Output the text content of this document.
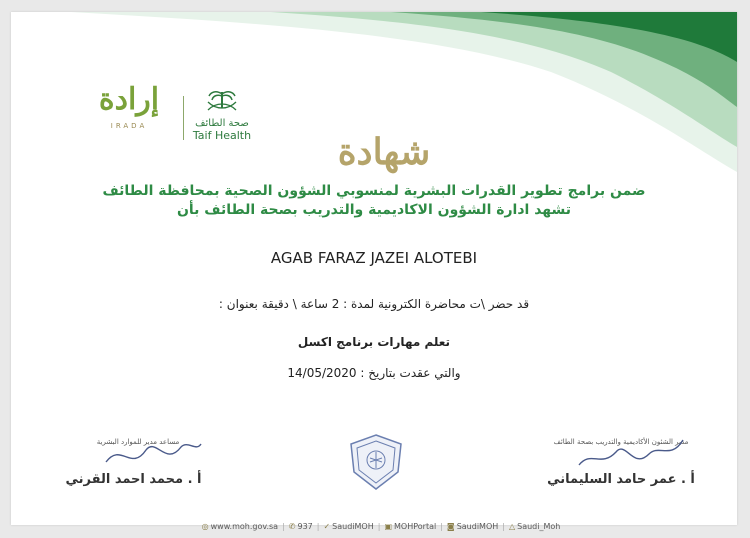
إرادة
IRADA	صحة الطائف
Taif Health شهادة
ضمن برامج تطوير القدرات البشرية لمنسوبي الشؤون الصحية بمحافظة الطائف
تشهد ادارة الشؤون الاكاديمية والتدريب بصحة الطائف بأن
AGAB FARAZ JAZEI ALOTEBI
قد حضر \ت محاضرة الكترونية لمدة : 2 ساعة \ دقيقة بعنوان :
تعلم مهارات برنامج اكسل
والتي عقدت بتاريخ : 14/05/2020
مساعد مدير للموارد البشرية
أ . محمد احمد القرني
مدير الشئون الأكاديمية والتدريب بصحة الطائف
أ . عمر حامد السليماني
◎ www.moh.gov.sa | ✆ 937 | ✓ SaudiMOH | ▣ MOHPortal | ◙ SaudiMOH | △ Saudi_Moh
